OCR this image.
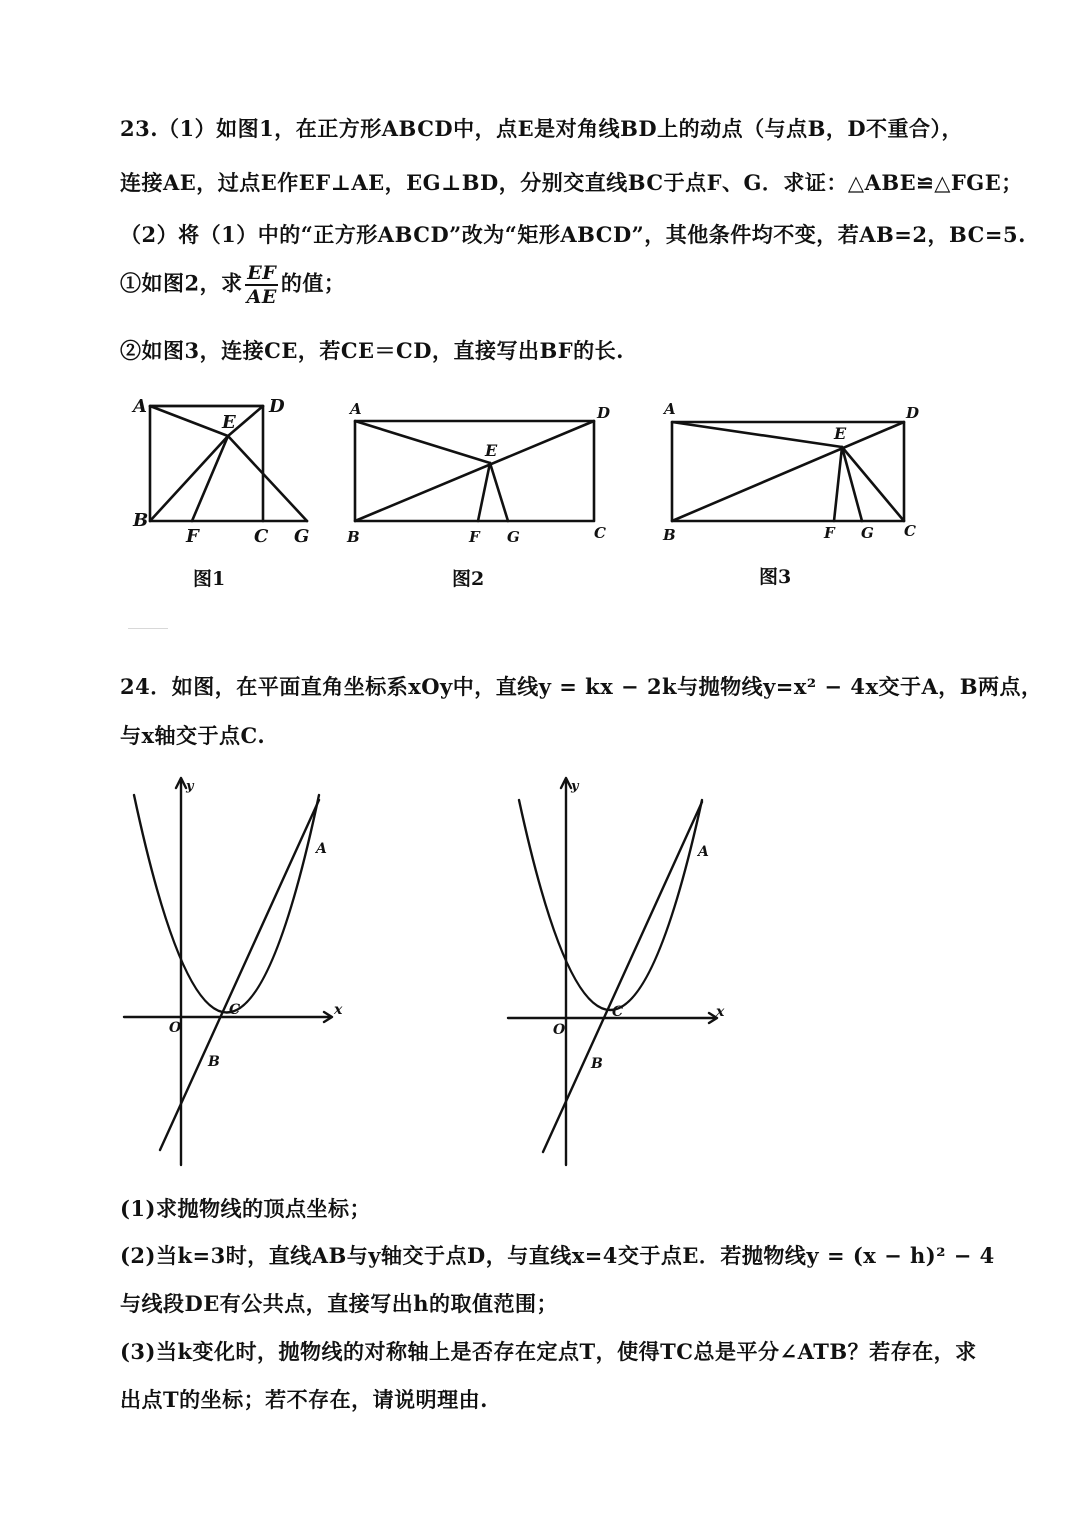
23.（1）如图1，在正方形ABCD中，点E是对角线BD上的动点（与点B，D不重合），
连接AE，过点E作EF⊥AE，EG⊥BD，分别交直线BC于点F、G．求证：△ABE≌△FGE；
（2）将（1）中的“正方形ABCD”改为“矩形ABCD”，其他条件均不变，若AB=2，BC=5.
①如图2，求 $\frac{EF}{AE}$ 的值；
②如图3，连接CE，若CE＝CD，直接写出BF的长.
A	D
E
B
F	C G
图1
A	D
E
B	F G	C
图2
A	D
E
B	F G C
图3
24．如图，在平面直角坐标系xOy中，直线y = kx − 2k与抛物线y=x² − 4x交于A，B两点，
与x轴交于点C.
y
x
O
A
C
B
y
x
O
A
C
B
(1)求抛物线的顶点坐标；
(2)当k=3时，直线AB与y轴交于点D，与直线x=4交于点E．若抛物线y = (x − h)² − 4
与线段DE有公共点，直接写出h的取值范围；
(3)当k变化时，抛物线的对称轴上是否存在定点T，使得TC总是平分∠ATB？若存在，求
出点T的坐标；若不存在，请说明理由.
